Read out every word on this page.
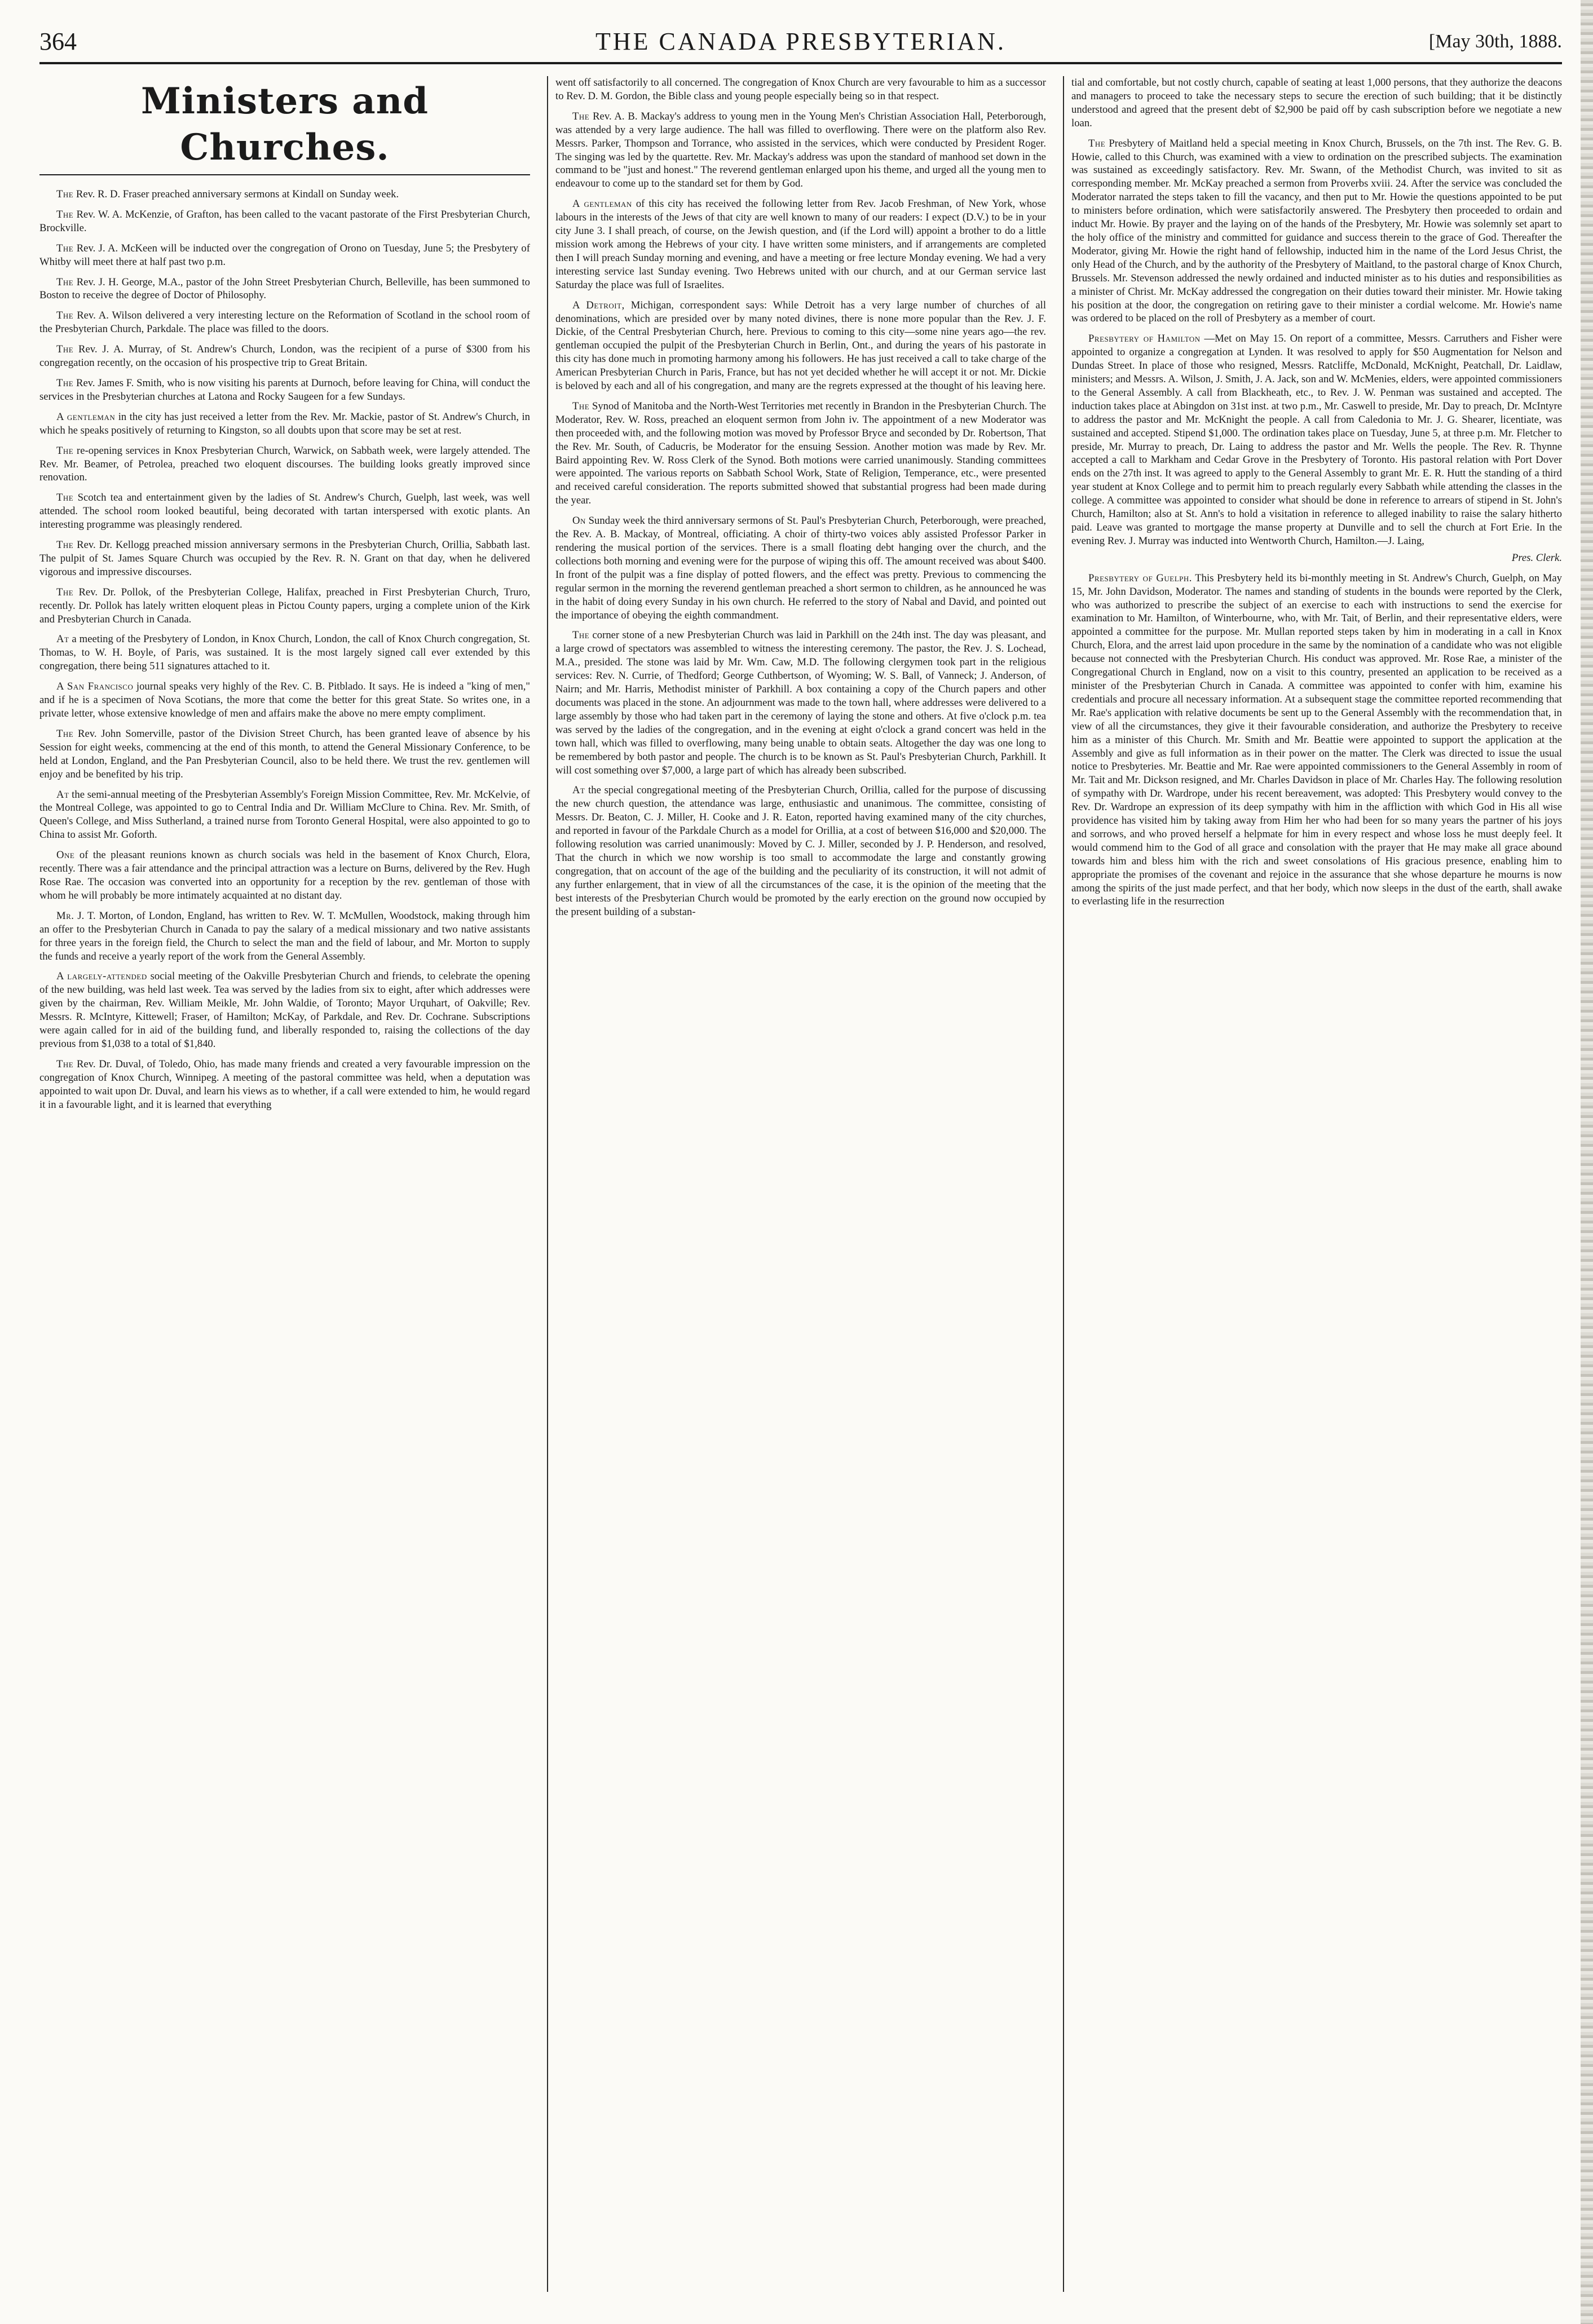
364	THE CANADA PRESBYTERIAN.	[May 30th, 1888.
Ministers and Churches.

The Rev. R. D. Fraser preached anniversary sermons at Kindall on Sunday week.

The Rev. W. A. McKenzie, of Grafton, has been called to the vacant pastorate of the First Presbyterian Church, Brockville.

The Rev. J. A. McKeen will be inducted over the congregation of Orono on Tuesday, June 5; the Presbytery of Whitby will meet there at half past two p.m.

The Rev. J. H. George, M.A., pastor of the John Street Presbyterian Church, Belleville, has been summoned to Boston to receive the degree of Doctor of Philosophy.

The Rev. A. Wilson delivered a very interesting lecture on the Reformation of Scotland in the school room of the Presbyterian Church, Parkdale. The place was filled to the doors.

The Rev. J. A. Murray, of St. Andrew's Church, London, was the recipient of a purse of $300 from his congregation recently, on the occasion of his prospective trip to Great Britain.

The Rev. James F. Smith, who is now visiting his parents at Durnoch, before leaving for China, will conduct the services in the Presbyterian churches at Latona and Rocky Saugeen for a few Sundays.

A gentleman in the city has just received a letter from the Rev. Mr. Mackie, pastor of St. Andrew's Church, in which he speaks positively of returning to Kingston, so all doubts upon that score may be set at rest.

The re-opening services in Knox Presbyterian Church, Warwick, on Sabbath week, were largely attended. The Rev. Mr. Beamer, of Petrolea, preached two eloquent discourses. The building looks greatly improved since renovation.

The Scotch tea and entertainment given by the ladies of St. Andrew's Church, Guelph, last week, was well attended. The school room looked beautiful, being decorated with tartan interspersed with exotic plants. An interesting programme was pleasingly rendered.

The Rev. Dr. Kellogg preached mission anniversary sermons in the Presbyterian Church, Orillia, Sabbath last. The pulpit of St. James Square Church was occupied by the Rev. R. N. Grant on that day, when he delivered vigorous and impressive discourses.

The Rev. Dr. Pollok, of the Presbyterian College, Halifax, preached in First Presbyterian Church, Truro, recently. Dr. Pollok has lately written eloquent pleas in Pictou County papers, urging a complete union of the Kirk and Presbyterian Church in Canada.

At a meeting of the Presbytery of London, in Knox Church, London, the call of Knox Church congregation, St. Thomas, to W. H. Boyle, of Paris, was sustained. It is the most largely signed call ever extended by this congregation, there being 511 signatures attached to it.

A San Francisco journal speaks very highly of the Rev. C. B. Pitblado. It says. He is indeed a "king of men," and if he is a specimen of Nova Scotians, the more that come the better for this great State. So writes one, in a private letter, whose extensive knowledge of men and affairs make the above no mere empty compliment.

The Rev. John Somerville, pastor of the Division Street Church, has been granted leave of absence by his Session for eight weeks, commencing at the end of this month, to attend the General Missionary Conference, to be held at London, England, and the Pan Presbyterian Council, also to be held there. We trust the rev. gentlemen will enjoy and be benefited by his trip.

At the semi-annual meeting of the Presbyterian Assembly's Foreign Mission Committee, Rev. Mr. McKelvie, of the Montreal College, was appointed to go to Central India and Dr. William McClure to China. Rev. Mr. Smith, of Queen's College, and Miss Sutherland, a trained nurse from Toronto General Hospital, were also appointed to go to China to assist Mr. Goforth.

One of the pleasant reunions known as church socials was held in the basement of Knox Church, Elora, recently. There was a fair attendance and the principal attraction was a lecture on Burns, delivered by the Rev. Hugh Rose Rae. The occasion was converted into an opportunity for a reception by the rev. gentleman of those with whom he will probably be more intimately acquainted at no distant day.

Mr. J. T. Morton, of London, England, has written to Rev. W. T. McMullen, Woodstock, making through him an offer to the Presbyterian Church in Canada to pay the salary of a medical missionary and two native assistants for three years in the foreign field, the Church to select the man and the field of labour, and Mr. Morton to supply the funds and receive a yearly report of the work from the General Assembly.

A largely-attended social meeting of the Oakville Presbyterian Church and friends, to celebrate the opening of the new building, was held last week. Tea was served by the ladies from six to eight, after which addresses were given by the chairman, Rev. William Meikle, Mr. John Waldie, of Toronto; Mayor Urquhart, of Oakville; Rev. Messrs. R. McIntyre, Kittewell; Fraser, of Hamilton; McKay, of Parkdale, and Rev. Dr. Cochrane. Subscriptions were again called for in aid of the building fund, and liberally responded to, raising the collections of the day previous from $1,038 to a total of $1,840.

The Rev. Dr. Duval, of Toledo, Ohio, has made many friends and created a very favourable impression on the congregation of Knox Church, Winnipeg. A meeting of the pastoral committee was held, when a deputation was appointed to wait upon Dr. Duval, and learn his views as to whether, if a call were extended to him, he would regard it in a favourable light, and it is learned that everything

went off satisfactorily to all concerned. The congregation of Knox Church are very favourable to him as a successor to Rev. D. M. Gordon, the Bible class and young people especially being so in that respect.

The Rev. A. B. Mackay's address to young men in the Young Men's Christian Association Hall, Peterborough, was attended by a very large audience. The hall was filled to overflowing. There were on the platform also Rev. Messrs. Parker, Thompson and Torrance, who assisted in the services, which were conducted by President Roger. The singing was led by the quartette. Rev. Mr. Mackay's address was upon the standard of manhood set down in the command to be "just and honest." The reverend gentleman enlarged upon his theme, and urged all the young men to endeavour to come up to the standard set for them by God.

A gentleman of this city has received the following letter from Rev. Jacob Freshman, of New York, whose labours in the interests of the Jews of that city are well known to many of our readers: I expect (D.V.) to be in your city June 3. I shall preach, of course, on the Jewish question, and (if the Lord will) appoint a brother to do a little mission work among the Hebrews of your city. I have written some ministers, and if arrangements are completed then I will preach Sunday morning and evening, and have a meeting or free lecture Monday evening. We had a very interesting service last Sunday evening. Two Hebrews united with our church, and at our German service last Saturday the place was full of Israelites.

A Detroit, Michigan, correspondent says: While Detroit has a very large number of churches of all denominations, which are presided over by many noted divines, there is none more popular than the Rev. J. F. Dickie, of the Central Presbyterian Church, here. Previous to coming to this city—some nine years ago—the rev. gentleman occupied the pulpit of the Presbyterian Church in Berlin, Ont., and during the years of his pastorate in this city has done much in promoting harmony among his followers. He has just received a call to take charge of the American Presbyterian Church in Paris, France, but has not yet decided whether he will accept it or not. Mr. Dickie is beloved by each and all of his congregation, and many are the regrets expressed at the thought of his leaving here.

The Synod of Manitoba and the North-West Territories met recently in Brandon in the Presbyterian Church. The Moderator, Rev. W. Ross, preached an eloquent sermon from John iv. The appointment of a new Moderator was then proceeded with, and the following motion was moved by Professor Bryce and seconded by Dr. Robertson, That the Rev. Mr. South, of Caducris, be Moderator for the ensuing Session. Another motion was made by Rev. Mr. Baird appointing Rev. W. Ross Clerk of the Synod. Both motions were carried unanimously. Standing committees were appointed. The various reports on Sabbath School Work, State of Religion, Temperance, etc., were presented and received careful consideration. The reports submitted showed that substantial progress had been made during the year.

On Sunday week the third anniversary sermons of St. Paul's Presbyterian Church, Peterborough, were preached, the Rev. A. B. Mackay, of Montreal, officiating. A choir of thirty-two voices ably assisted Professor Parker in rendering the musical portion of the services. There is a small floating debt hanging over the church, and the collections both morning and evening were for the purpose of wiping this off. The amount received was about $400. In front of the pulpit was a fine display of potted flowers, and the effect was pretty. Previous to commencing the regular sermon in the morning the reverend gentleman preached a short sermon to children, as he announced he was in the habit of doing every Sunday in his own church. He referred to the story of Nabal and David, and pointed out the importance of obeying the eighth commandment.

The corner stone of a new Presbyterian Church was laid in Parkhill on the 24th inst. The day was pleasant, and a large crowd of spectators was assembled to witness the interesting ceremony. The pastor, the Rev. J. S. Lochead, M.A., presided. The stone was laid by Mr. Wm. Caw, M.D. The following clergymen took part in the religious services: Rev. N. Currie, of Thedford; George Cuthbertson, of Wyoming; W. S. Ball, of Vanneck; J. Anderson, of Nairn; and Mr. Harris, Methodist minister of Parkhill. A box containing a copy of the Church papers and other documents was placed in the stone. An adjournment was made to the town hall, where addresses were delivered to a large assembly by those who had taken part in the ceremony of laying the stone and others. At five o'clock p.m. tea was served by the ladies of the congregation, and in the evening at eight o'clock a grand concert was held in the town hall, which was filled to overflowing, many being unable to obtain seats. Altogether the day was one long to be remembered by both pastor and people. The church is to be known as St. Paul's Presbyterian Church, Parkhill. It will cost something over $7,000, a large part of which has already been subscribed.

At the special congregational meeting of the Presbyterian Church, Orillia, called for the purpose of discussing the new church question, the attendance was large, enthusiastic and unanimous. The committee, consisting of Messrs. Dr. Beaton, C. J. Miller, H. Cooke and J. R. Eaton, reported having examined many of the city churches, and reported in favour of the Parkdale Church as a model for Orillia, at a cost of between $16,000 and $20,000. The following resolution was carried unanimously: Moved by C. J. Miller, seconded by J. P. Henderson, and resolved, That the church in which we now worship is too small to accommodate the large and constantly growing congregation, that on account of the age of the building and the peculiarity of its construction, it will not admit of any further enlargement, that in view of all the circumstances of the case, it is the opinion of the meeting that the best interests of the Presbyterian Church would be promoted by the early erection on the ground now occupied by the present building of a substan-

tial and comfortable, but not costly church, capable of seating at least 1,000 persons, that they authorize the deacons and managers to proceed to take the necessary steps to secure the erection of such building; that it be distinctly understood and agreed that the present debt of $2,900 be paid off by cash subscription before we negotiate a new loan.

The Presbytery of Maitland held a special meeting in Knox Church, Brussels, on the 7th inst. The Rev. G. B. Howie, called to this Church, was examined with a view to ordination on the prescribed subjects. The examination was sustained as exceedingly satisfactory. Rev. Mr. Swann, of the Methodist Church, was invited to sit as corresponding member. Mr. McKay preached a sermon from Proverbs xviii. 24. After the service was concluded the Moderator narrated the steps taken to fill the vacancy, and then put to Mr. Howie the questions appointed to be put to ministers before ordination, which were satisfactorily answered. The Presbytery then proceeded to ordain and induct Mr. Howie. By prayer and the laying on of the hands of the Presbytery, Mr. Howie was solemnly set apart to the holy office of the ministry and committed for guidance and success therein to the grace of God. Thereafter the Moderator, giving Mr. Howie the right hand of fellowship, inducted him in the name of the Lord Jesus Christ, the only Head of the Church, and by the authority of the Presbytery of Maitland, to the pastoral charge of Knox Church, Brussels. Mr. Stevenson addressed the newly ordained and inducted minister as to his duties and responsibilities as a minister of Christ. Mr. McKay addressed the congregation on their duties toward their minister. Mr. Howie taking his position at the door, the congregation on retiring gave to their minister a cordial welcome. Mr. Howie's name was ordered to be placed on the roll of Presbytery as a member of court.

Presbytery of Hamilton —Met on May 15. On report of a committee, Messrs. Carruthers and Fisher were appointed to organize a congregation at Lynden. It was resolved to apply for $50 Augmentation for Nelson and Dundas Street. In place of those who resigned, Messrs. Ratcliffe, McDonald, McKnight, Peatchall, Dr. Laidlaw, ministers; and Messrs. A. Wilson, J. Smith, J. A. Jack, son and W. McMenies, elders, were appointed commissioners to the General Assembly. A call from Blackheath, etc., to Rev. J. W. Penman was sustained and accepted. The induction takes place at Abingdon on 31st inst. at two p.m., Mr. Caswell to preside, Mr. Day to preach, Dr. McIntyre to address the pastor and Mr. McKnight the people. A call from Caledonia to Mr. J. G. Shearer, licentiate, was sustained and accepted. Stipend $1,000. The ordination takes place on Tuesday, June 5, at three p.m. Mr. Fletcher to preside, Mr. Murray to preach, Dr. Laing to address the pastor and Mr. Wells the people. The Rev. R. Thynne accepted a call to Markham and Cedar Grove in the Presbytery of Toronto. His pastoral relation with Port Dover ends on the 27th inst. It was agreed to apply to the General Assembly to grant Mr. E. R. Hutt the standing of a third year student at Knox College and to permit him to preach regularly every Sabbath while attending the classes in the college. A committee was appointed to consider what should be done in reference to arrears of stipend in St. John's Church, Hamilton; also at St. Ann's to hold a visitation in reference to alleged inability to raise the salary hitherto paid. Leave was granted to mortgage the manse property at Dunville and to sell the church at Fort Erie. In the evening Rev. J. Murray was inducted into Wentworth Church, Hamilton.—J. Laing,

Pres. Clerk.

Presbytery of Guelph. This Presbytery held its bi-monthly meeting in St. Andrew's Church, Guelph, on May 15, Mr. John Davidson, Moderator. The names and standing of students in the bounds were reported by the Clerk, who was authorized to prescribe the subject of an exercise to each with instructions to send the exercise for examination to Mr. Hamilton, of Winterbourne, who, with Mr. Tait, of Berlin, and their representative elders, were appointed a committee for the purpose. Mr. Mullan reported steps taken by him in moderating in a call in Knox Church, Elora, and the arrest laid upon procedure in the same by the nomination of a candidate who was not eligible because not connected with the Presbyterian Church. His conduct was approved. Mr. Rose Rae, a minister of the Congregational Church in England, now on a visit to this country, presented an application to be received as a minister of the Presbyterian Church in Canada. A committee was appointed to confer with him, examine his credentials and procure all necessary information. At a subsequent stage the committee reported recommending that Mr. Rae's application with relative documents be sent up to the General Assembly with the recommendation that, in view of all the circumstances, they give it their favourable consideration, and authorize the Presbytery to receive him as a minister of this Church. Mr. Smith and Mr. Beattie were appointed to support the application at the Assembly and give as full information as in their power on the matter. The Clerk was directed to issue the usual notice to Presbyteries. Mr. Beattie and Mr. Rae were appointed commissioners to the General Assembly in room of Mr. Tait and Mr. Dickson resigned, and Mr. Charles Davidson in place of Mr. Charles Hay. The following resolution of sympathy with Dr. Wardrope, under his recent bereavement, was adopted: This Presbytery would convey to the Rev. Dr. Wardrope an expression of its deep sympathy with him in the affliction with which God in His all wise providence has visited him by taking away from Him her who had been for so many years the partner of his joys and sorrows, and who proved herself a helpmate for him in every respect and whose loss he must deeply feel. It would commend him to the God of all grace and consolation with the prayer that He may make all grace abound towards him and bless him with the rich and sweet consolations of His gracious presence, enabling him to appropriate the promises of the covenant and rejoice in the assurance that she whose departure he mourns is now among the spirits of the just made perfect, and that her body, which now sleeps in the dust of the earth, shall awake to everlasting life in the resurrection
